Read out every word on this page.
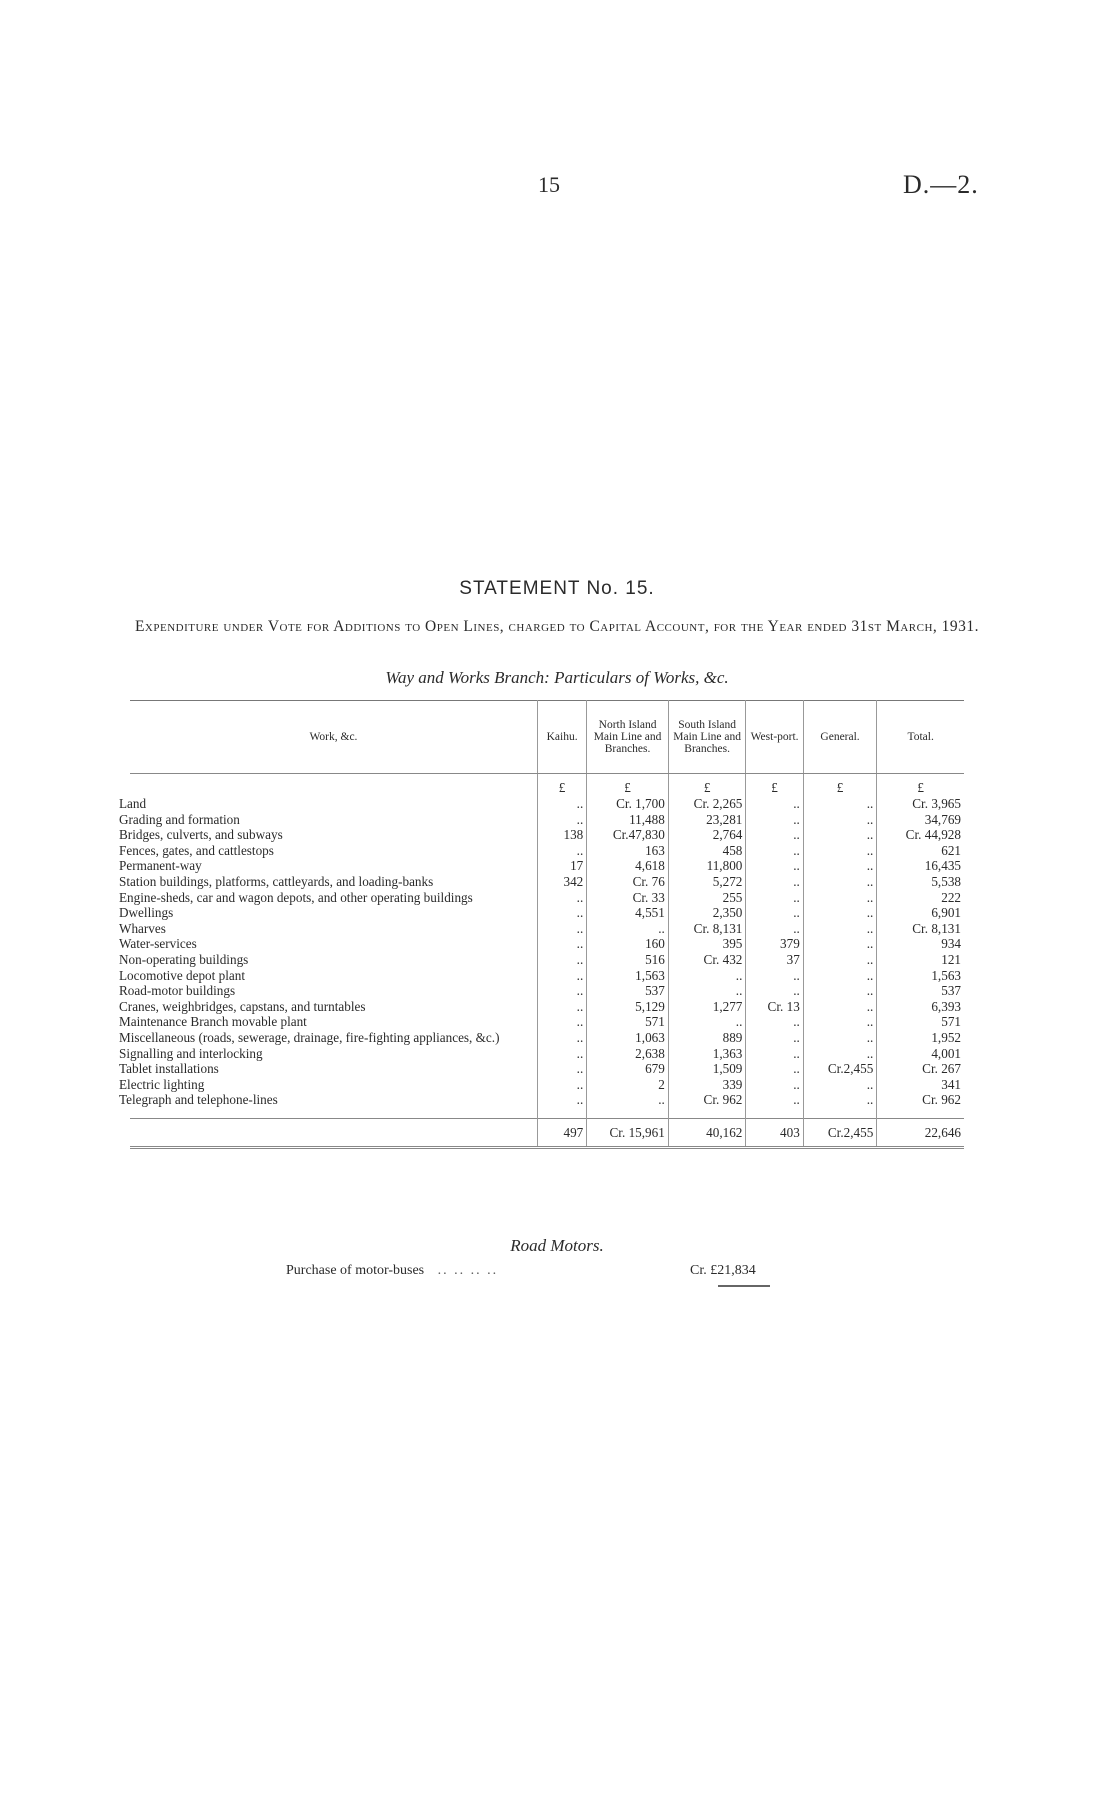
15	D.—2.
STATEMENT No. 15.
Expenditure under Vote for Additions to Open Lines, charged to Capital Account, for the Year ended 31st March, 1931.
Way and Works Branch: Particulars of Works, &c.
Work, &c.	Kaihu.	North Island Main Line and Branches.	South Island Main Line and Branches.	West-port.	General.	Total.
	£	£	£	£	£	£
Land	..	Cr. 1,700	Cr. 2,265	..	..	Cr. 3,965
Grading and formation	..	11,488	23,281	..	..	34,769
Bridges, culverts, and subways	138	Cr.47,830	2,764	..	..	Cr. 44,928
Fences, gates, and cattlestops	..	163	458	..	..	621
Permanent-way	17	4,618	11,800	..	..	16,435
Station buildings, platforms, cattleyards, and loading-banks	342	Cr. 76	5,272	..	..	5,538
Engine-sheds, car and wagon depots, and other operating buildings	..	Cr. 33	255	..	..	222
Dwellings	..	4,551	2,350	..	..	6,901
Wharves	..	..	Cr. 8,131	..	..	Cr. 8,131
Water-services	..	160	395	379	..	934
Non-operating buildings	..	516	Cr. 432	37	..	121
Locomotive depot plant	..	1,563	..	..	..	1,563
Road-motor buildings	..	537	..	..	..	537
Cranes, weighbridges, capstans, and turntables	..	5,129	1,277	Cr. 13	..	6,393
Maintenance Branch movable plant	..	571	..	..	..	571
Miscellaneous (roads, sewerage, drainage, fire-fighting appliances, &c.)	..	1,063	889	..	..	1,952
Signalling and interlocking	..	2,638	1,363	..	..	4,001
Tablet installations	..	679	1,509	..	Cr.2,455	Cr. 267
Electric lighting	..	2	339	..	..	341
Telegraph and telephone-lines	..	..	Cr. 962	..	..	Cr. 962

	497	Cr. 15,961	40,162	403	Cr.2,455	22,646
Road Motors.
Purchase of motor-buses .. .. .. ..	Cr. £21,834
